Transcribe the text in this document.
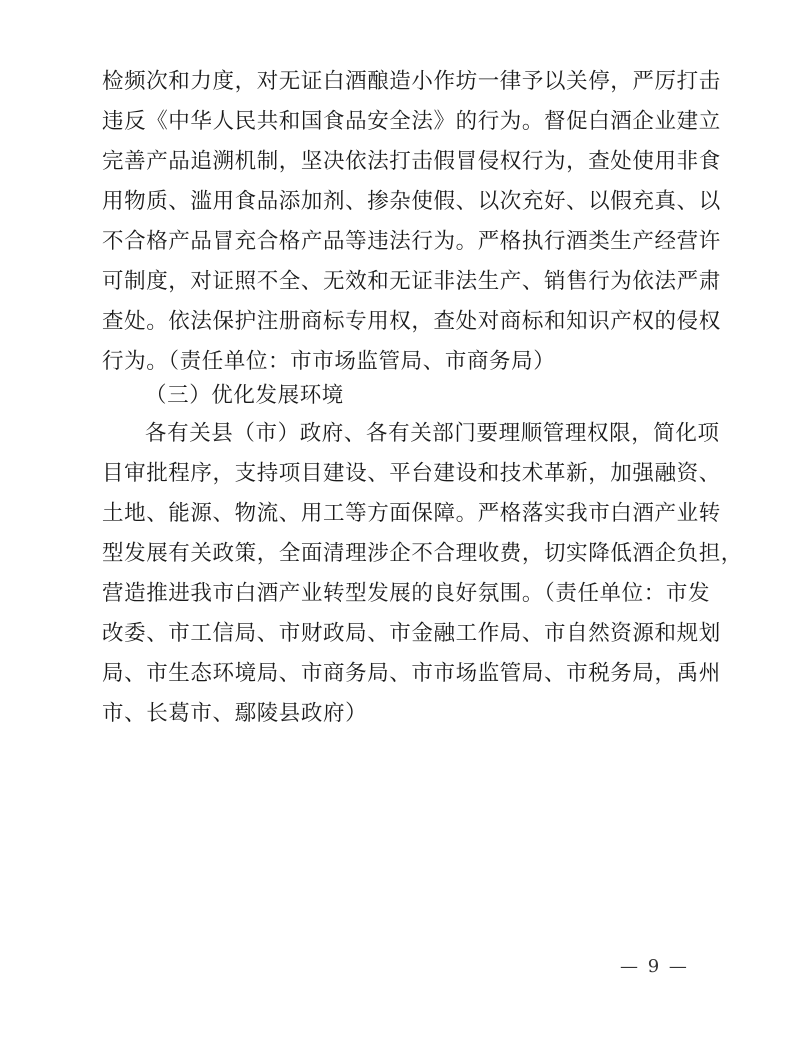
检频次和力度，对无证白酒酿造小作坊一律予以关停，严厉打击
违反《中华人民共和国食品安全法》的行为。督促白酒企业建立
完善产品追溯机制，坚决依法打击假冒侵权行为，查处使用非食
用物质、滥用食品添加剂、掺杂使假、以次充好、以假充真、以
不合格产品冒充合格产品等违法行为。严格执行酒类生产经营许
可制度，对证照不全、无效和无证非法生产、销售行为依法严肃
查处。依法保护注册商标专用权，查处对商标和知识产权的侵权
行为。（责任单位：市市场监管局、市商务局）
（三）优化发展环境
各有关县（市）政府、各有关部门要理顺管理权限，简化项
目审批程序，支持项目建设、平台建设和技术革新，加强融资、
土地、能源、物流、用工等方面保障。严格落实我市白酒产业转
型发展有关政策，全面清理涉企不合理收费，切实降低酒企负担，
营造推进我市白酒产业转型发展的良好氛围。（责任单位：市发
改委、市工信局、市财政局、市金融工作局、市自然资源和规划
局、市生态环境局、市商务局、市市场监管局、市税务局，禹州
市、长葛市、鄢陵县政府）
— 9 —
